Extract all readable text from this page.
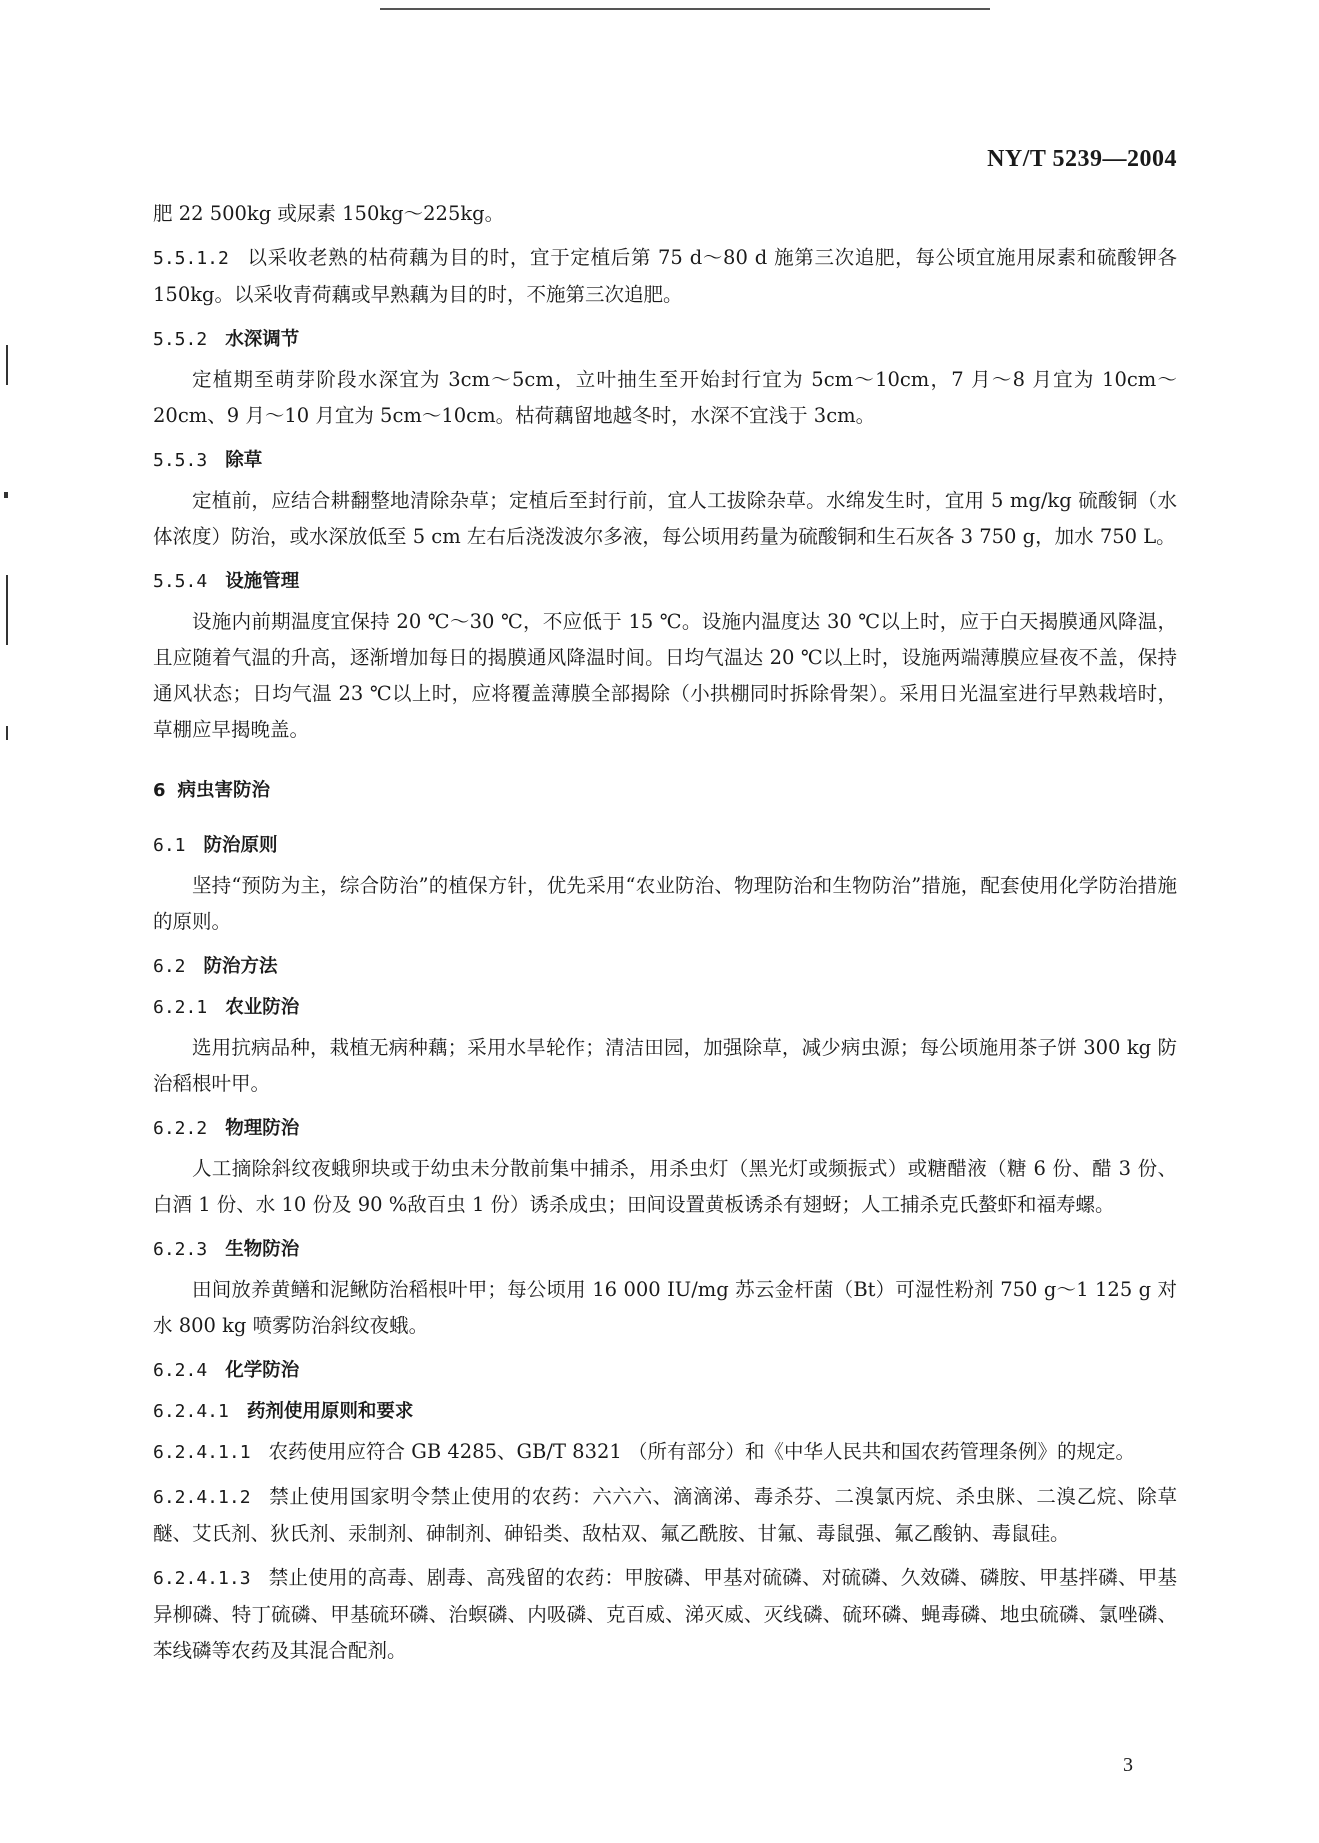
NY/T 5239—2004
肥 22 500kg 或尿素 150kg～225kg。
5.5.1.2 以采收老熟的枯荷藕为目的时，宜于定植后第 75 d～80 d 施第三次追肥，每公顷宜施用尿素和硫酸钾各 150kg。以采收青荷藕或早熟藕为目的时，不施第三次追肥。
5.5.2 水深调节
定植期至萌芽阶段水深宜为 3cm～5cm，立叶抽生至开始封行宜为 5cm～10cm，7 月～8 月宜为 10cm～20cm、9 月～10 月宜为 5cm～10cm。枯荷藕留地越冬时，水深不宜浅于 3cm。
5.5.3 除草
定植前，应结合耕翻整地清除杂草；定植后至封行前，宜人工拔除杂草。水绵发生时，宜用 5 mg/kg 硫酸铜（水体浓度）防治，或水深放低至 5 cm 左右后浇泼波尔多液，每公顷用药量为硫酸铜和生石灰各 3 750 g，加水 750 L。
5.5.4 设施管理
设施内前期温度宜保持 20 ℃～30 ℃，不应低于 15 ℃。设施内温度达 30 ℃以上时，应于白天揭膜通风降温，且应随着气温的升高，逐渐增加每日的揭膜通风降温时间。日均气温达 20 ℃以上时，设施两端薄膜应昼夜不盖，保持通风状态；日均气温 23 ℃以上时，应将覆盖薄膜全部揭除（小拱棚同时拆除骨架）。采用日光温室进行早熟栽培时，草棚应早揭晚盖。
6 病虫害防治
6.1 防治原则
坚持“预防为主，综合防治”的植保方针，优先采用“农业防治、物理防治和生物防治”措施，配套使用化学防治措施的原则。
6.2 防治方法
6.2.1 农业防治
选用抗病品种，栽植无病种藕；采用水旱轮作；清洁田园，加强除草，减少病虫源；每公顷施用茶子饼 300 kg 防治稻根叶甲。
6.2.2 物理防治
人工摘除斜纹夜蛾卵块或于幼虫未分散前集中捕杀，用杀虫灯（黑光灯或频振式）或糖醋液（糖 6 份、醋 3 份、白酒 1 份、水 10 份及 90 %敌百虫 1 份）诱杀成虫；田间设置黄板诱杀有翅蚜；人工捕杀克氏螯虾和福寿螺。
6.2.3 生物防治
田间放养黄鳝和泥鳅防治稻根叶甲；每公顷用 16 000 IU/mg 苏云金杆菌（Bt）可湿性粉剂 750 g～1 125 g 对水 800 kg 喷雾防治斜纹夜蛾。
6.2.4 化学防治
6.2.4.1 药剂使用原则和要求
6.2.4.1.1 农药使用应符合 GB 4285、GB/T 8321 （所有部分）和《中华人民共和国农药管理条例》的规定。
6.2.4.1.2 禁止使用国家明令禁止使用的农药：六六六、滴滴涕、毒杀芬、二溴氯丙烷、杀虫脒、二溴乙烷、除草醚、艾氏剂、狄氏剂、汞制剂、砷制剂、砷铅类、敌枯双、氟乙酰胺、甘氟、毒鼠强、氟乙酸钠、毒鼠硅。
6.2.4.1.3 禁止使用的高毒、剧毒、高残留的农药：甲胺磷、甲基对硫磷、对硫磷、久效磷、磷胺、甲基拌磷、甲基异柳磷、特丁硫磷、甲基硫环磷、治螟磷、内吸磷、克百威、涕灭威、灭线磷、硫环磷、蝇毒磷、地虫硫磷、氯唑磷、苯线磷等农药及其混合配剂。
3
